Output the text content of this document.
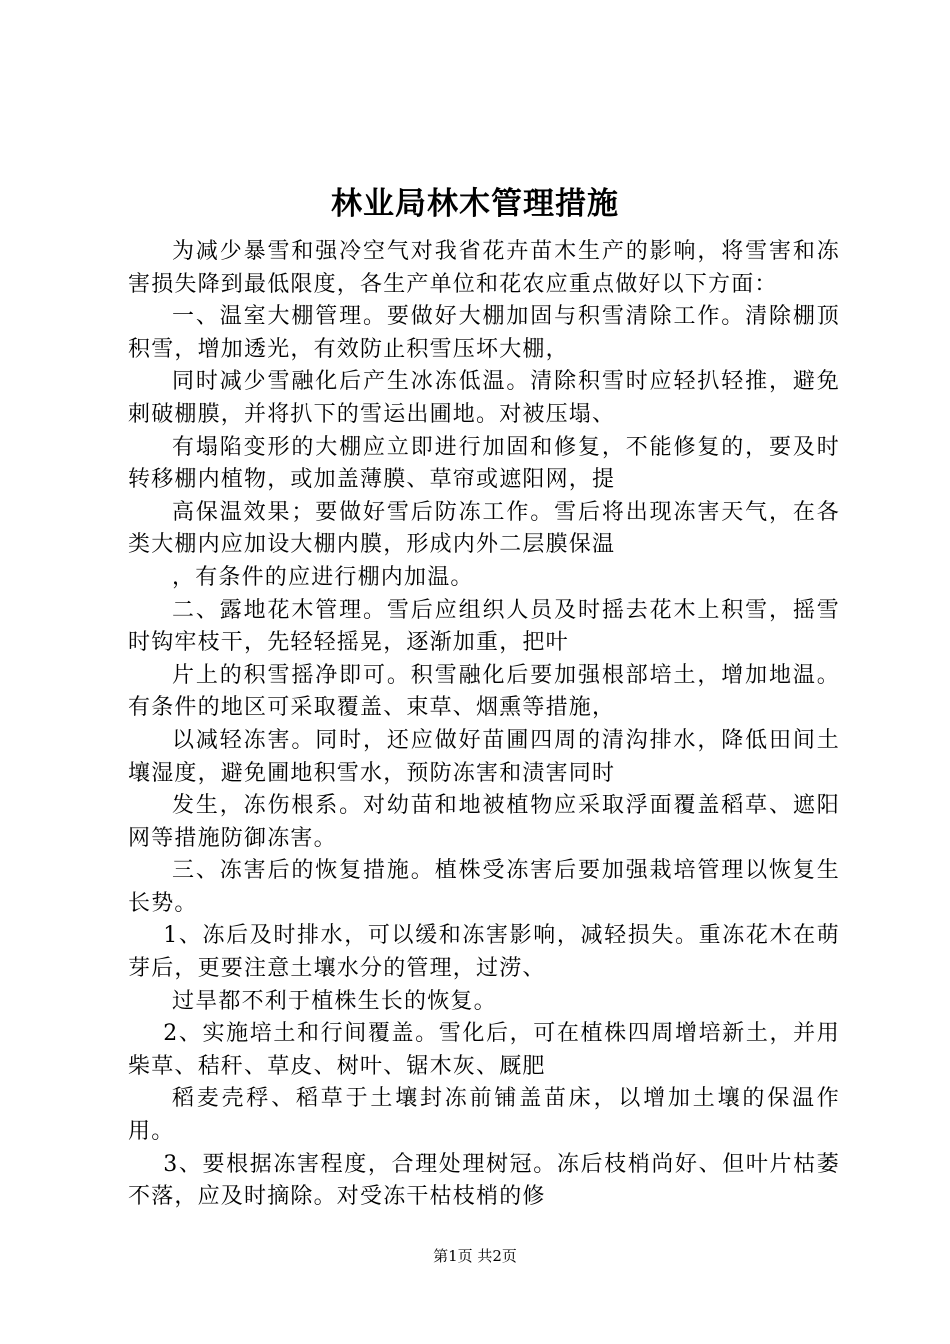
林业局林木管理措施

为减少暴雪和强冷空气对我省花卉苗木生产的影响，将雪害和冻害损失降到最低限度，各生产单位和花农应重点做好以下方面：

一、温室大棚管理。要做好大棚加固与积雪清除工作。清除棚顶积雪，增加透光，有效防止积雪压坏大棚，

同时减少雪融化后产生冰冻低温。清除积雪时应轻扒轻推，避免刺破棚膜，并将扒下的雪运出圃地。对被压塌、

有塌陷变形的大棚应立即进行加固和修复，不能修复的，要及时转移棚内植物，或加盖薄膜、草帘或遮阳网，提

高保温效果；要做好雪后防冻工作。雪后将出现冻害天气，在各类大棚内应加设大棚内膜，形成内外二层膜保温

，有条件的应进行棚内加温。

二、露地花木管理。雪后应组织人员及时摇去花木上积雪，摇雪时钩牢枝干，先轻轻摇晃，逐渐加重，把叶

片上的积雪摇净即可。积雪融化后要加强根部培土，增加地温。有条件的地区可采取覆盖、束草、烟熏等措施，

以减轻冻害。同时，还应做好苗圃四周的清沟排水，降低田间土壤湿度，避免圃地积雪水，预防冻害和渍害同时

发生，冻伤根系。对幼苗和地被植物应采取浮面覆盖稻草、遮阳网等措施防御冻害。

三、冻害后的恢复措施。植株受冻害后要加强栽培管理以恢复生长势。

1、冻后及时排水，可以缓和冻害影响，减轻损失。重冻花木在萌芽后，更要注意土壤水分的管理，过涝、

过旱都不利于植株生长的恢复。

2、实施培土和行间覆盖。雪化后，可在植株四周增培新土，并用柴草、秸秆、草皮、树叶、锯木灰、厩肥

稻麦壳稃、稻草于土壤封冻前铺盖苗床，以增加土壤的保温作用。

3、要根据冻害程度，合理处理树冠。冻后枝梢尚好、但叶片枯萎不落，应及时摘除。对受冻干枯枝梢的修

第1页 共2页
